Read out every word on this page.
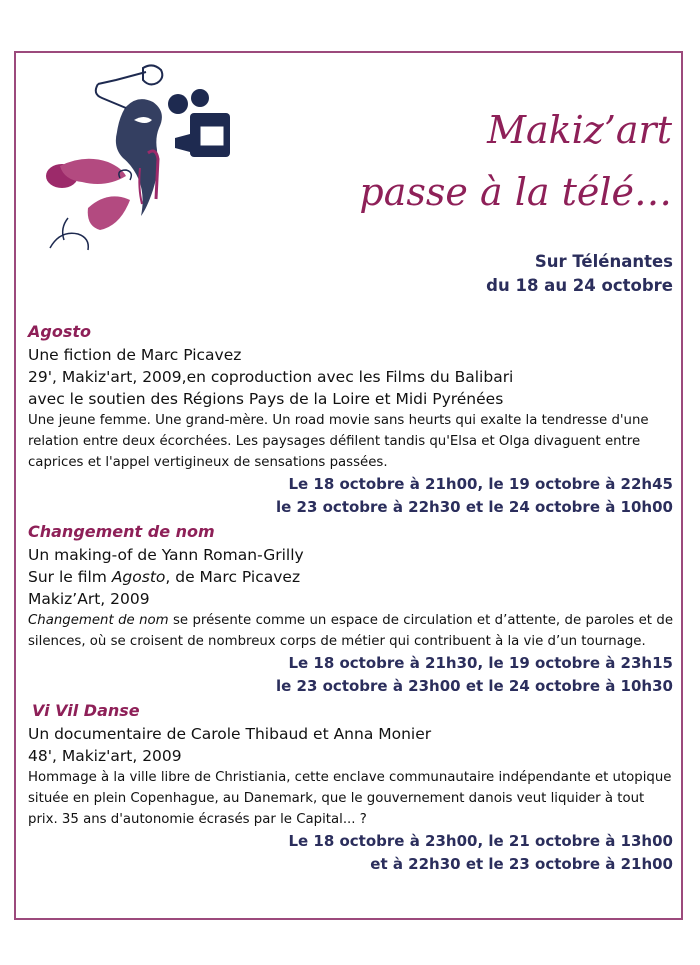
Makiz’art
passe à la télé…
Sur Télénantes
du 18 au 24 octobre
Agosto
Une fiction de Marc Picavez
29', Makiz'art, 2009,en coproduction avec les Films du Balibari
avec le soutien des Régions Pays de la Loire et Midi Pyrénées
Une jeune femme. Une grand-mère. Un road movie sans heurts qui exalte la tendresse d'une relation entre deux écorchées. Les paysages défilent tandis qu'Elsa et Olga divaguent entre caprices et l'appel vertigineux de sensations passées.
Le 18 octobre à 21h00, le 19 octobre à 22h45
le 23 octobre à 22h30 et le 24 octobre à 10h00
Changement de nom
Un making-of de Yann Roman-Grilly
Sur le film Agosto, de Marc Picavez
Makiz’Art, 2009
Changement de nom se présente comme un espace de circulation et d’attente, de paroles et de silences, où se croisent de nombreux corps de métier qui contribuent à la vie d’un tournage.
Le 18 octobre à 21h30, le 19 octobre à 23h15
le 23 octobre à 23h00 et le 24 octobre à 10h30
Vi Vil Danse
Un documentaire de Carole Thibaud et Anna Monier
48', Makiz'art, 2009
Hommage à la ville libre de Christiania, cette enclave communautaire indépendante et utopique située en plein Copenhague, au Danemark, que le gouvernement danois veut liquider à tout prix. 35 ans d'autonomie écrasés par le Capital... ?
Le 18 octobre à 23h00, le 21 octobre à 13h00
et à 22h30 et le 23 octobre à 21h00
